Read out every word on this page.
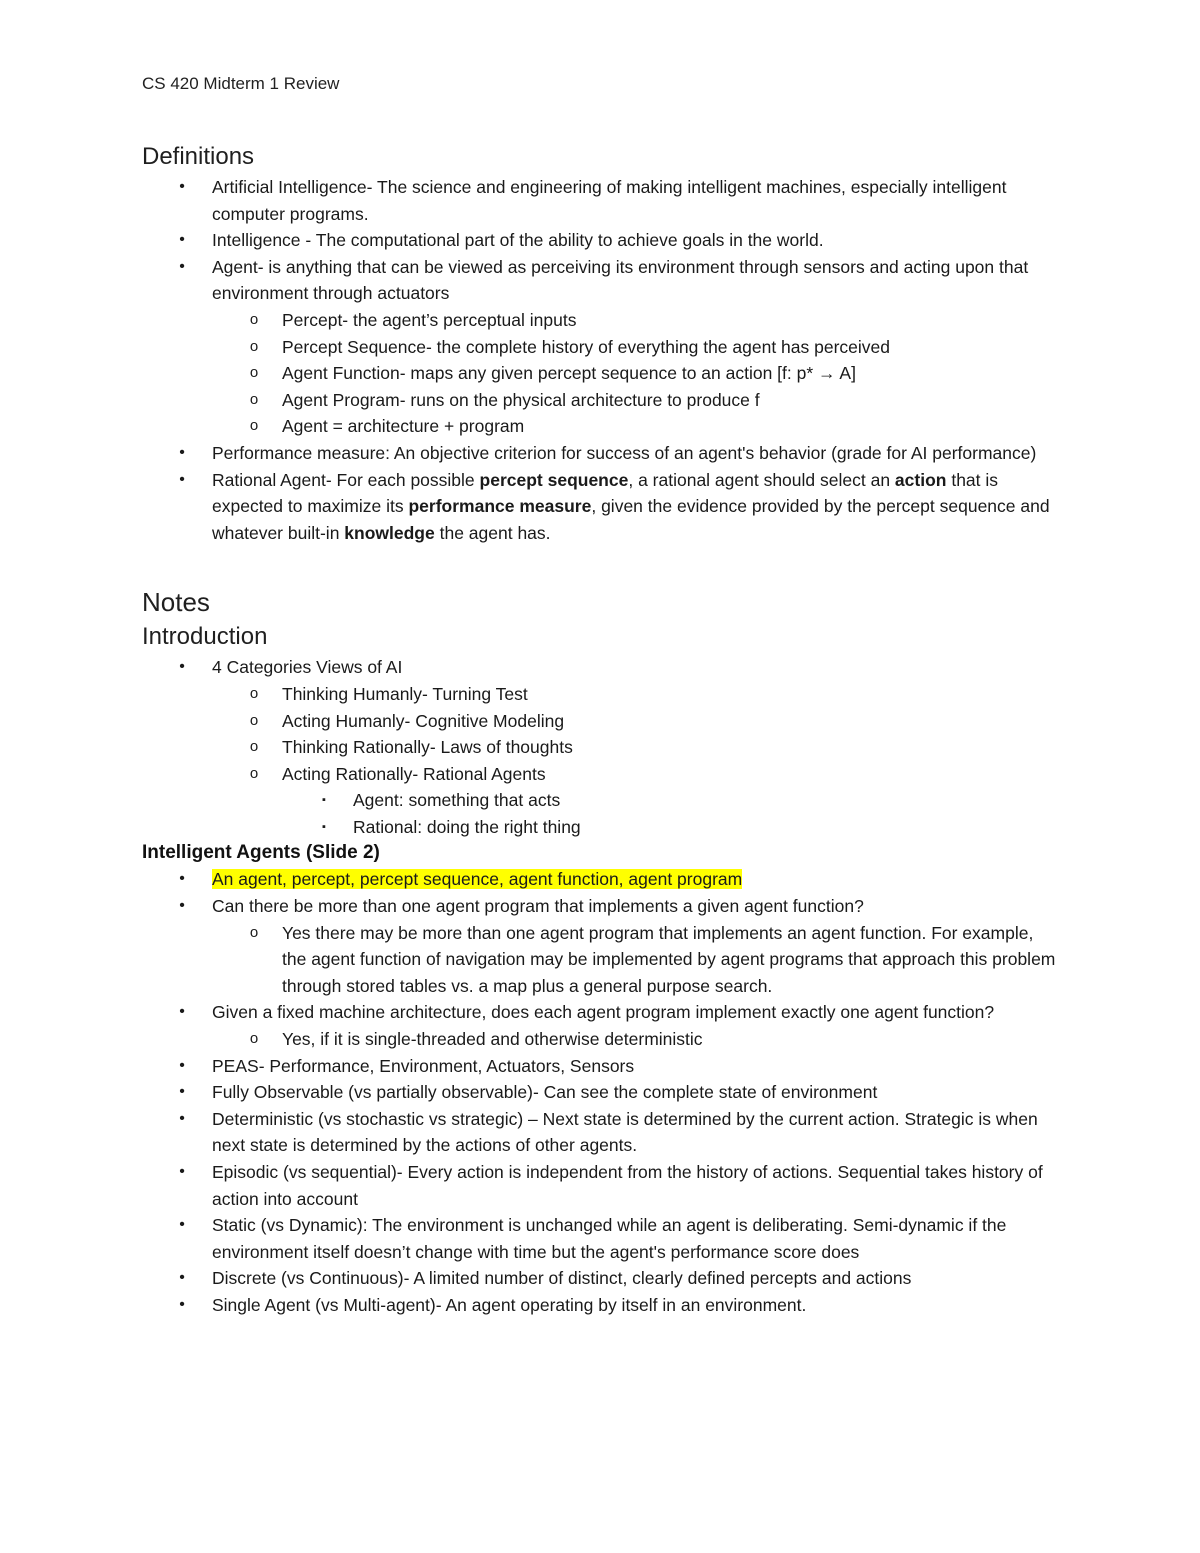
CS 420 Midterm 1 Review
Definitions
•	Artificial Intelligence- The science and engineering of making intelligent machines, especially intelligent computer programs.
•	Intelligence - The computational part of the ability to achieve goals in the world.
•	Agent- is anything that can be viewed as perceiving its environment through sensors and acting upon that environment through actuators
o	Percept- the agent’s perceptual inputs
o	Percept Sequence- the complete history of everything the agent has perceived
o	Agent Function- maps any given percept sequence to an action [f: p* → A]
o	Agent Program- runs on the physical architecture to produce f
o	Agent = architecture + program
•	Performance measure: An objective criterion for success of an agent's behavior (grade for AI performance)
•	Rational Agent- For each possible percept sequence, a rational agent should select an action that is expected to maximize its performance measure, given the evidence provided by the percept sequence and whatever built-in knowledge the agent has.
Notes
Introduction
•	4 Categories Views of AI
o	Thinking Humanly- Turning Test
o	Acting Humanly- Cognitive Modeling
o	Thinking Rationally- Laws of thoughts
o	Acting Rationally- Rational Agents
▪	Agent: something that acts
▪	Rational: doing the right thing
Intelligent Agents (Slide 2)
•	An agent, percept, percept sequence, agent function, agent program
•	Can there be more than one agent program that implements a given agent function?
o	Yes there may be more than one agent program that implements an agent function. For example, the agent function of navigation may be implemented by agent programs that approach this problem through stored tables vs. a map plus a general purpose search.
•	Given a fixed machine architecture, does each agent program implement exactly one agent function?
o	Yes, if it is single-threaded and otherwise deterministic
•	PEAS- Performance, Environment, Actuators, Sensors
•	Fully Observable (vs partially observable)- Can see the complete state of environment
•	Deterministic (vs stochastic vs strategic) – Next state is determined by the current action. Strategic is when next state is determined by the actions of other agents.
•	Episodic (vs sequential)- Every action is independent from the history of actions. Sequential takes history of action into account
•	Static (vs Dynamic): The environment is unchanged while an agent is deliberating. Semi-dynamic if the environment itself doesn’t change with time but the agent's performance score does
•	Discrete (vs Continuous)- A limited number of distinct, clearly defined percepts and actions
•	Single Agent (vs Multi-agent)- An agent operating by itself in an environment.
